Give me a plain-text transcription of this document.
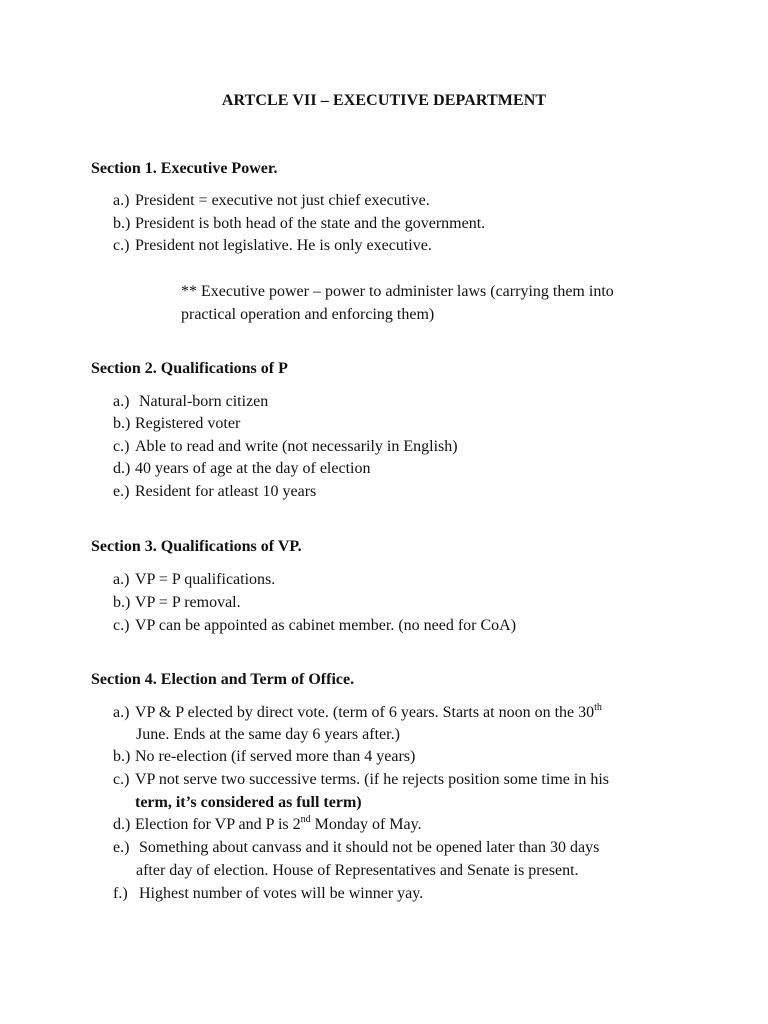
ARTCLE VII – EXECUTIVE DEPARTMENT
Section 1. Executive Power.
a.) President = executive not just chief executive.
b.) President is both head of the state and the government.
c.) President not legislative. He is only executive.
** Executive power – power to administer laws (carrying them into
practical operation and enforcing them)
Section 2. Qualifications of P
a.) Natural-born citizen
b.) Registered voter
c.) Able to read and write (not necessarily in English)
d.) 40 years of age at the day of election
e.) Resident for atleast 10 years
Section 3. Qualifications of VP.
a.) VP = P qualifications.
b.) VP = P removal.
c.) VP can be appointed as cabinet member. (no need for CoA)
Section 4. Election and Term of Office.
a.) VP & P elected by direct vote. (term of 6 years. Starts at noon on the 30th
June. Ends at the same day 6 years after.)
b.) No re-election (if served more than 4 years)
c.) VP not serve two successive terms. (if he rejects position some time in his
term, it’s considered as full term)
d.) Election for VP and P is 2nd Monday of May.
e.) Something about canvass and it should not be opened later than 30 days
after day of election. House of Representatives and Senate is present.
f.) Highest number of votes will be winner yay.
